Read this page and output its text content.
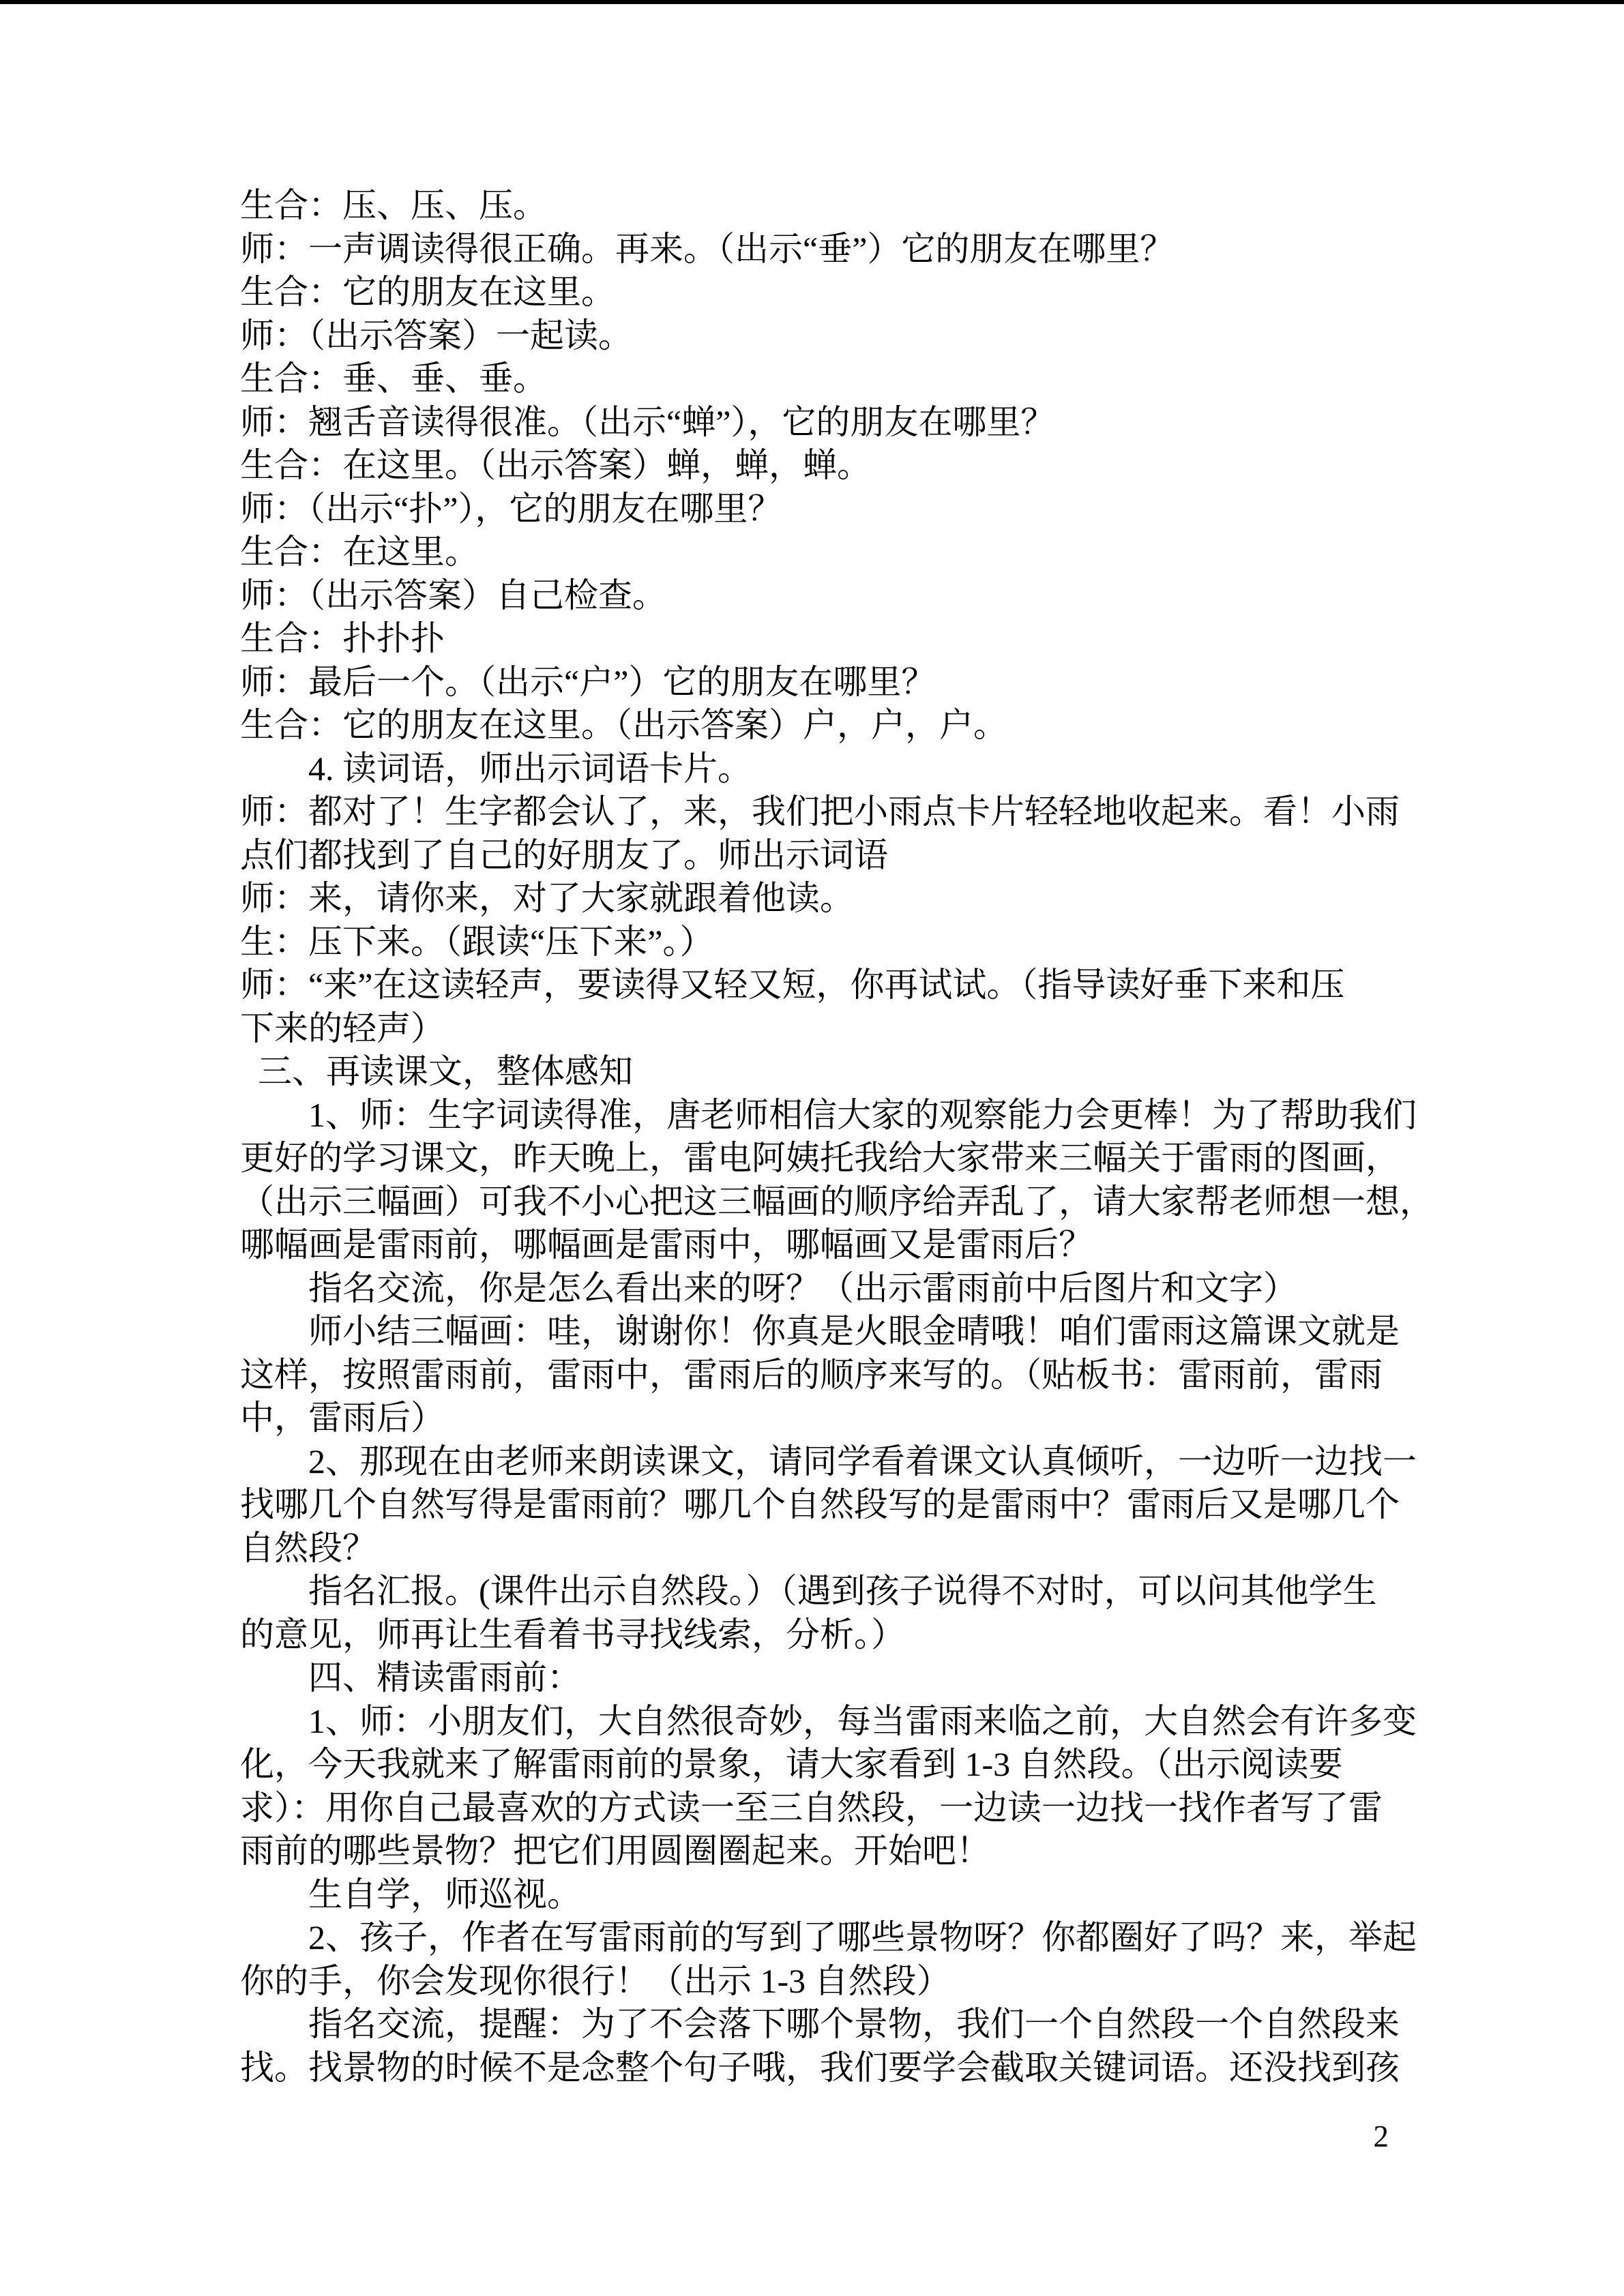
生合：压、压、压。
师：一声调读得很正确。再来。（出示“垂”）它的朋友在哪里？
生合：它的朋友在这里。
师：（出示答案）一起读。
生合：垂、垂、垂。
师：翘舌音读得很准。（出示“蝉”），它的朋友在哪里？
生合：在这里。（出示答案）蝉，蝉，蝉。
师：（出示“扑”），它的朋友在哪里？
生合：在这里。
师：（出示答案）自己检查。
生合：扑扑扑
师：最后一个。（出示“户”）它的朋友在哪里？
生合：它的朋友在这里。（出示答案）户，户，户。
4. 读词语，师出示词语卡片。
师：都对了！生字都会认了，来，我们把小雨点卡片轻轻地收起来。看！小雨
点们都找到了自己的好朋友了。师出示词语
师：来，请你来，对了大家就跟着他读。
生：压下来。（跟读“压下来”。）
师：“来”在这读轻声，要读得又轻又短，你再试试。（指导读好垂下来和压
下来的轻声）
三、再读课文，整体感知
1、师：生字词读得准，唐老师相信大家的观察能力会更棒！为了帮助我们
更好的学习课文，昨天晚上，雷电阿姨托我给大家带来三幅关于雷雨的图画，
（出示三幅画）可我不小心把这三幅画的顺序给弄乱了，请大家帮老师想一想，
哪幅画是雷雨前，哪幅画是雷雨中，哪幅画又是雷雨后？
指名交流，你是怎么看出来的呀？（出示雷雨前中后图片和文字）
师小结三幅画：哇，谢谢你！你真是火眼金晴哦！咱们雷雨这篇课文就是
这样，按照雷雨前，雷雨中，雷雨后的顺序来写的。（贴板书：雷雨前，雷雨
中，雷雨后）
2、那现在由老师来朗读课文，请同学看着课文认真倾听，一边听一边找一
找哪几个自然写得是雷雨前？哪几个自然段写的是雷雨中？雷雨后又是哪几个
自然段？
指名汇报。(课件出示自然段。）（遇到孩子说得不对时，可以问其他学生
的意见，师再让生看着书寻找线索，分析。）
四、精读雷雨前：
1、师：小朋友们，大自然很奇妙，每当雷雨来临之前，大自然会有许多变
化，今天我就来了解雷雨前的景象，请大家看到 1-3 自然段。（出示阅读要
求）：用你自己最喜欢的方式读一至三自然段，一边读一边找一找作者写了雷
雨前的哪些景物？把它们用圆圈圈起来。开始吧！
生自学，师巡视。
2、孩子，作者在写雷雨前的写到了哪些景物呀？你都圈好了吗？来，举起
你的手，你会发现你很行！（出示 1-3 自然段）
指名交流，提醒：为了不会落下哪个景物，我们一个自然段一个自然段来
找。找景物的时候不是念整个句子哦，我们要学会截取关键词语。还没找到孩
2
